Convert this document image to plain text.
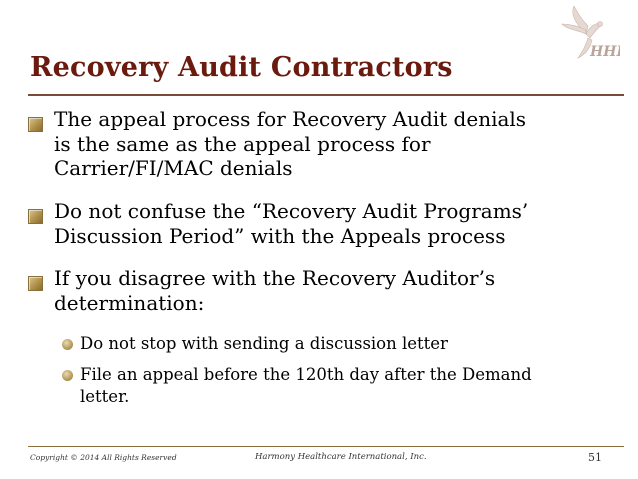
HHI
Recovery Audit Contractors
The appeal process for Recovery Audit denials
is the same as the appeal process for
Carrier/FI/MAC denials
Do not confuse the “Recovery Audit Programs’
Discussion Period” with the Appeals process
If you disagree with the Recovery Auditor’s
determination:
Do not stop with sending a discussion letter
File an appeal before the 120th day after the Demand
letter.
Copyright © 2014 All Rights Reserved	Harmony Healthcare International, Inc.	51
